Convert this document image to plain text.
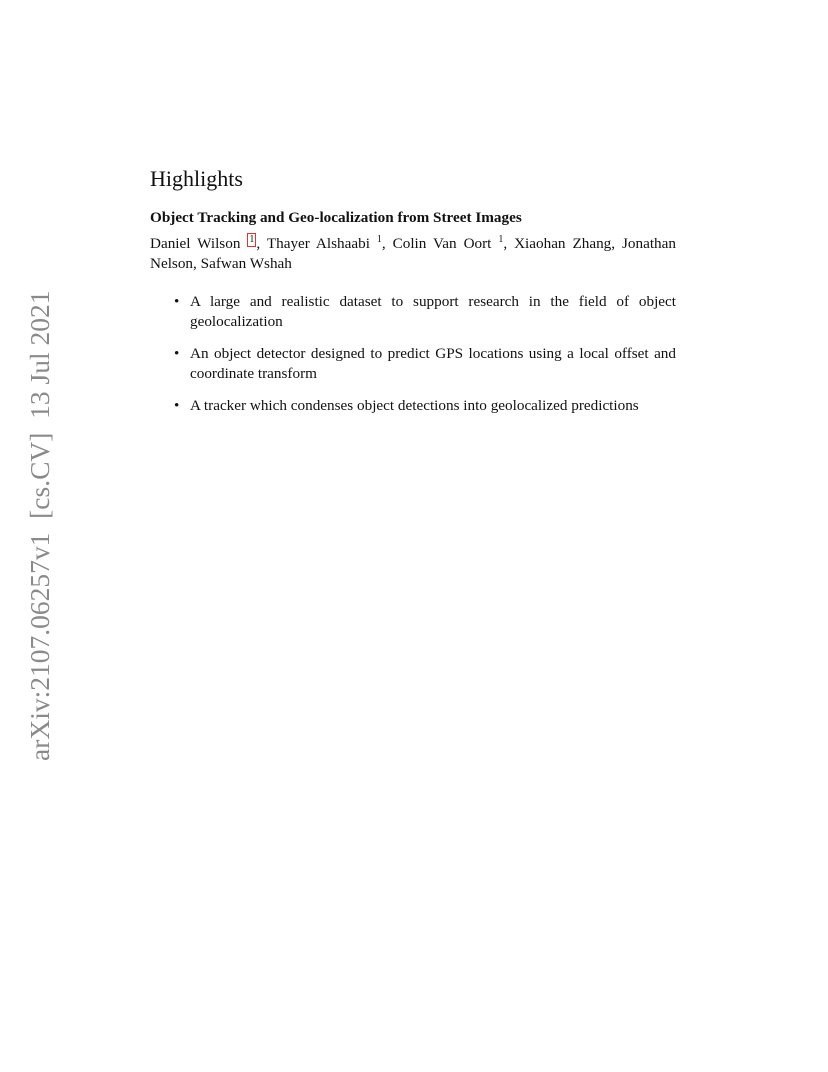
arXiv:2107.06257v1  [cs.CV]  13 Jul 2021
Highlights
Object Tracking and Geo-localization from Street Images
Daniel Wilson 1 , Thayer Alshaabi $^1$, Colin Van Oort $^1$, Xiaohan Zhang, Jonathan Nelson, Safwan Wshah
• A large and realistic dataset to support research in the field of object geolocalization
• An object detector designed to predict GPS locations using a local offset and coordinate transform
• A tracker which condenses object detections into geolocalized predictions
